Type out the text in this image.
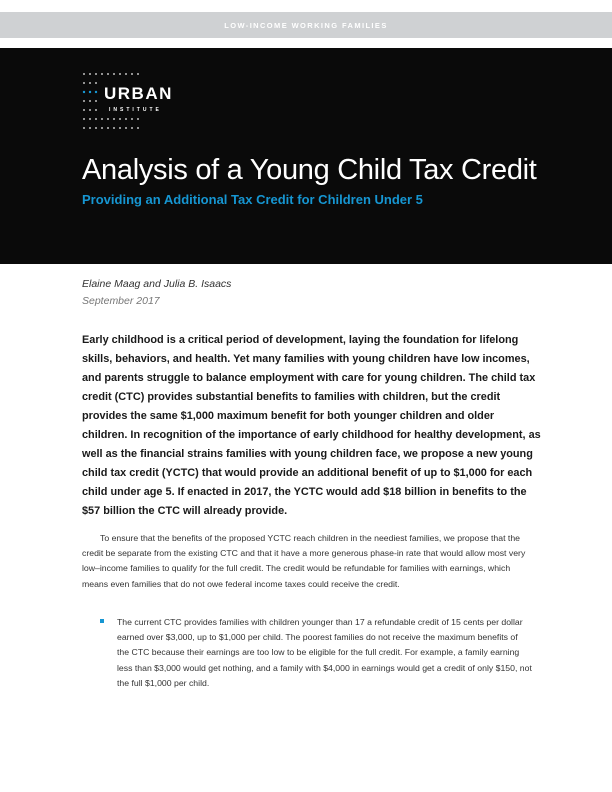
LOW-INCOME WORKING FAMILIES
URBAN
INSTITUTE
Analysis of a Young Child Tax Credit
Providing an Additional Tax Credit for Children Under 5
Elaine Maag and Julia B. Isaacs
September 2017

Early childhood is a critical period of development, laying the foundation for lifelong skills, behaviors, and health. Yet many families with young children have low incomes, and parents struggle to balance employment with care for young children. The child tax credit (CTC) provides substantial benefits to families with children, but the credit provides the same $1,000 maximum benefit for both younger children and older children. In recognition of the importance of early childhood for healthy development, as well as the financial strains families with young children face, we propose a new young child tax credit (YCTC) that would provide an additional benefit of up to $1,000 for each child under age 5. If enacted in 2017, the YCTC would add $18 billion in benefits to the $57 billion the CTC will already provide.

To ensure that the benefits of the proposed YCTC reach children in the neediest families, we propose that the credit be separate from the existing CTC and that it have a more generous phase-in rate that would allow most very low–income families to qualify for the full credit. The credit would be refundable for families with earnings, which means even families that do not owe federal income taxes could receive the credit.

The current CTC provides families with children younger than 17 a refundable credit of 15 cents per dollar earned over $3,000, up to $1,000 per child. The poorest families do not receive the maximum benefits of the CTC because their earnings are too low to be eligible for the full credit. For example, a family earning less than $3,000 would get nothing, and a family with $4,000 in earnings would get a credit of only $150, not the full $1,000 per child.
